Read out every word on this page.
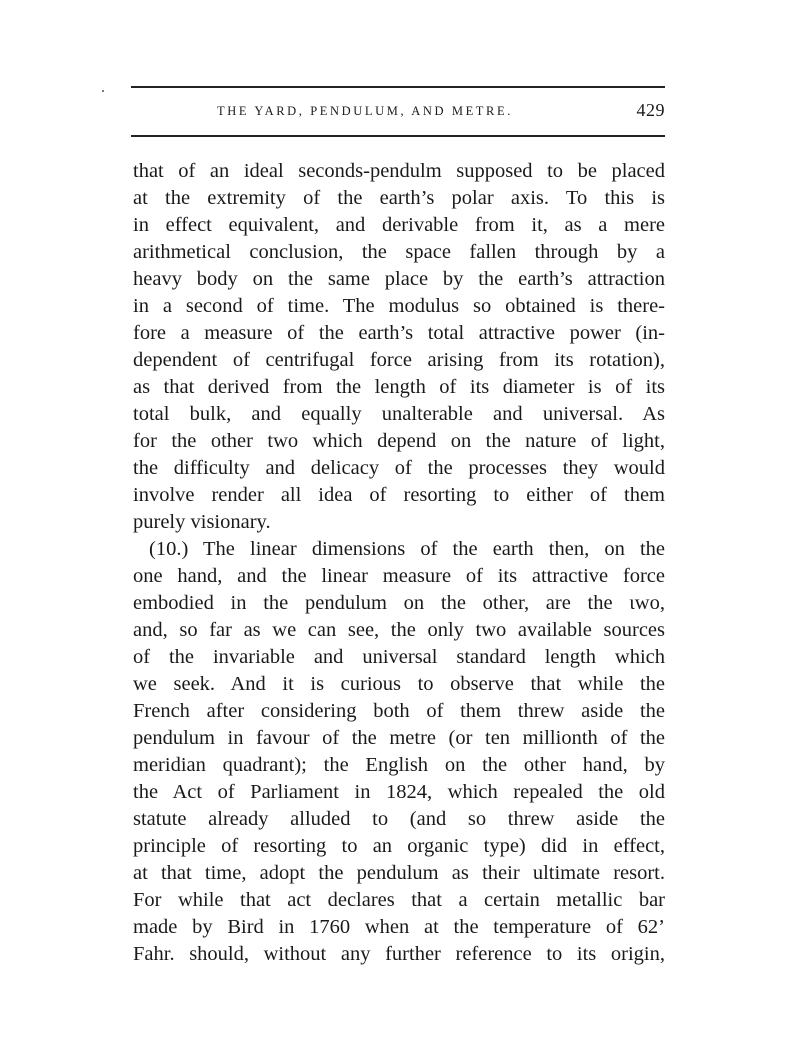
THE YARD, PENDULUM, AND METRE.	429
that of an ideal seconds-pendulm supposed to be placed
at the extremity of the earth’s polar axis. To this is
in effect equivalent, and derivable from it, as a mere
arithmetical conclusion, the space fallen through by a
heavy body on the same place by the earth’s attraction
in a second of time. The modulus so obtained is there-
fore a measure of the earth’s total attractive power (in-
dependent of centrifugal force arising from its rotation),
as that derived from the length of its diameter is of its
total bulk, and equally unalterable and universal. As
for the other two which depend on the nature of light,
the difficulty and delicacy of the processes they would
involve render all idea of resorting to either of them
purely visionary.
(10.) The linear dimensions of the earth then, on the
one hand, and the linear measure of its attractive force
embodied in the pendulum on the other, are the ιwo,
and, so far as we can see, the only two available sources
of the invariable and universal standard length which
we seek. And it is curious to observe that while the
French after considering both of them threw aside the
pendulum in favour of the metre (or ten millionth of the
meridian quadrant); the English on the other hand, by
the Act of Parliament in 1824, which repealed the old
statute already alluded to (and so threw aside the
principle of resorting to an organic type) did in effect,
at that time, adopt the pendulum as their ultimate resort.
For while that act declares that a certain metallic bar
made by Bird in 1760 when at the temperature of 62’
Fahr. should, without any further reference to its origin,
